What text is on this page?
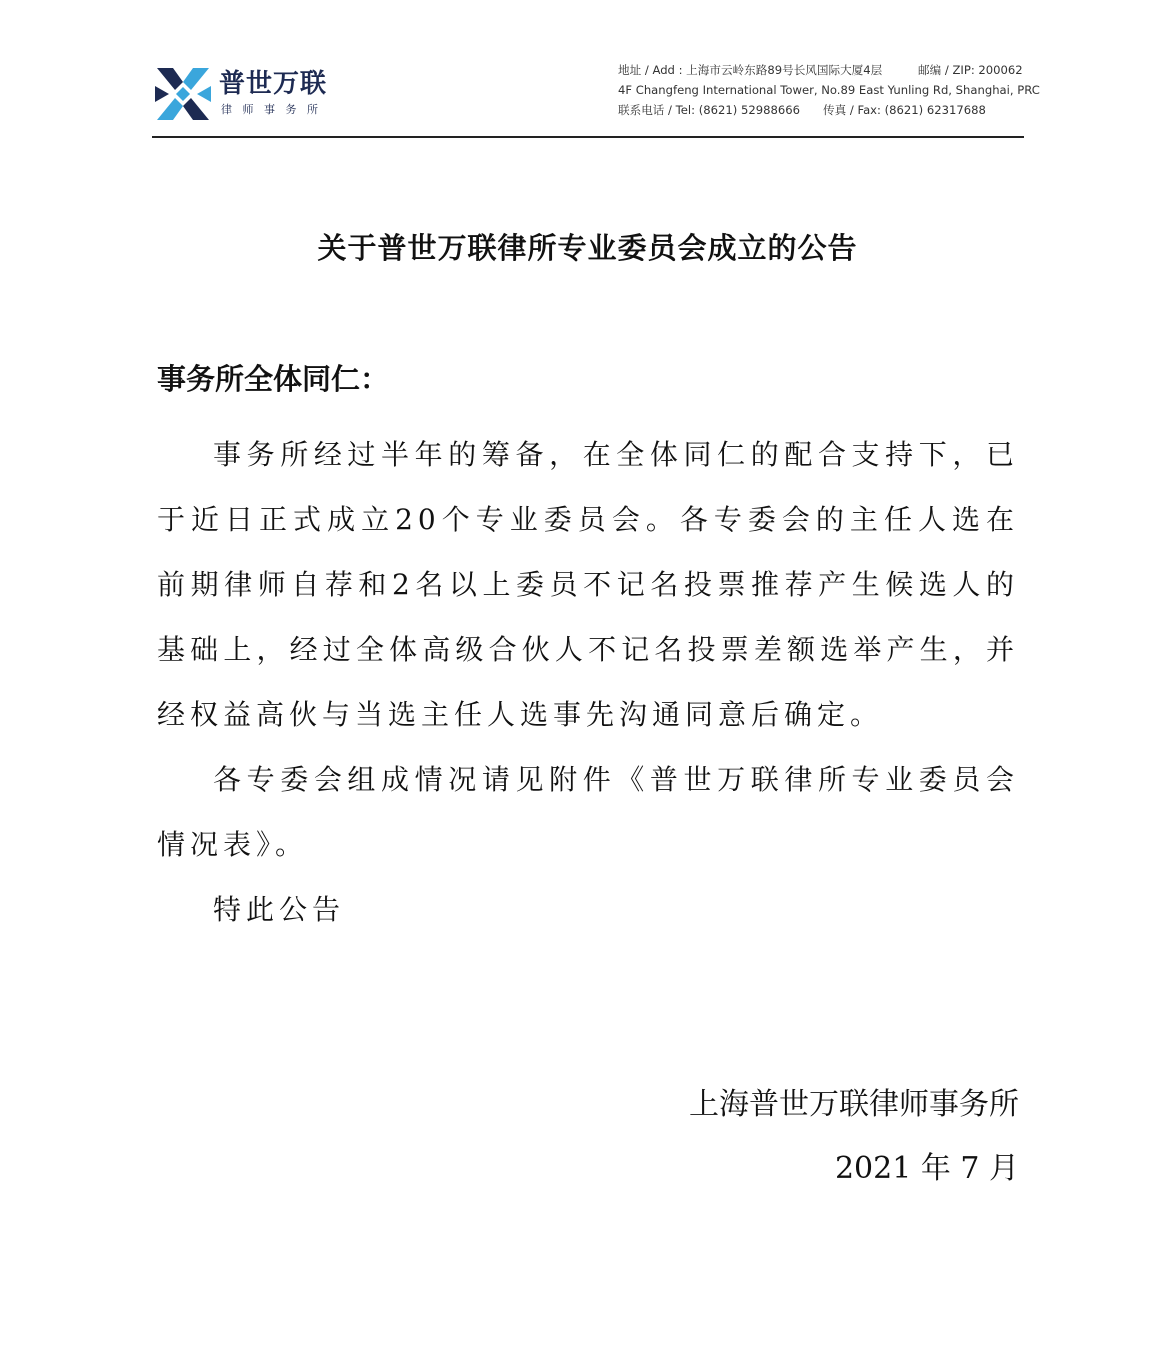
普世万联
律师事务所
地址 / Add : 上海市云岭东路89号长风国际大厦4层	邮编 / ZIP: 200062
4F Changfeng International Tower, No.89 East Yunling Rd, Shanghai, PRC
联系电话 / Tel: (8621) 52988666 传真 / Fax: (8621) 62317688
关于普世万联律所专业委员会成立的公告
事务所全体同仁：

事务所经过半年的筹备，在全体同仁的配合支持下，已于近日正式成立20个专业委员会。各专委会的主任人选在前期律师自荐和2名以上委员不记名投票推荐产生候选人的基础上，经过全体高级合伙人不记名投票差额选举产生，并经权益高伙与当选主任人选事先沟通同意后确定。

各专委会组成情况请见附件《普世万联律所专业委员会情况表》。

特此公告

上海普世万联律师事务所
2021 年 7 月
